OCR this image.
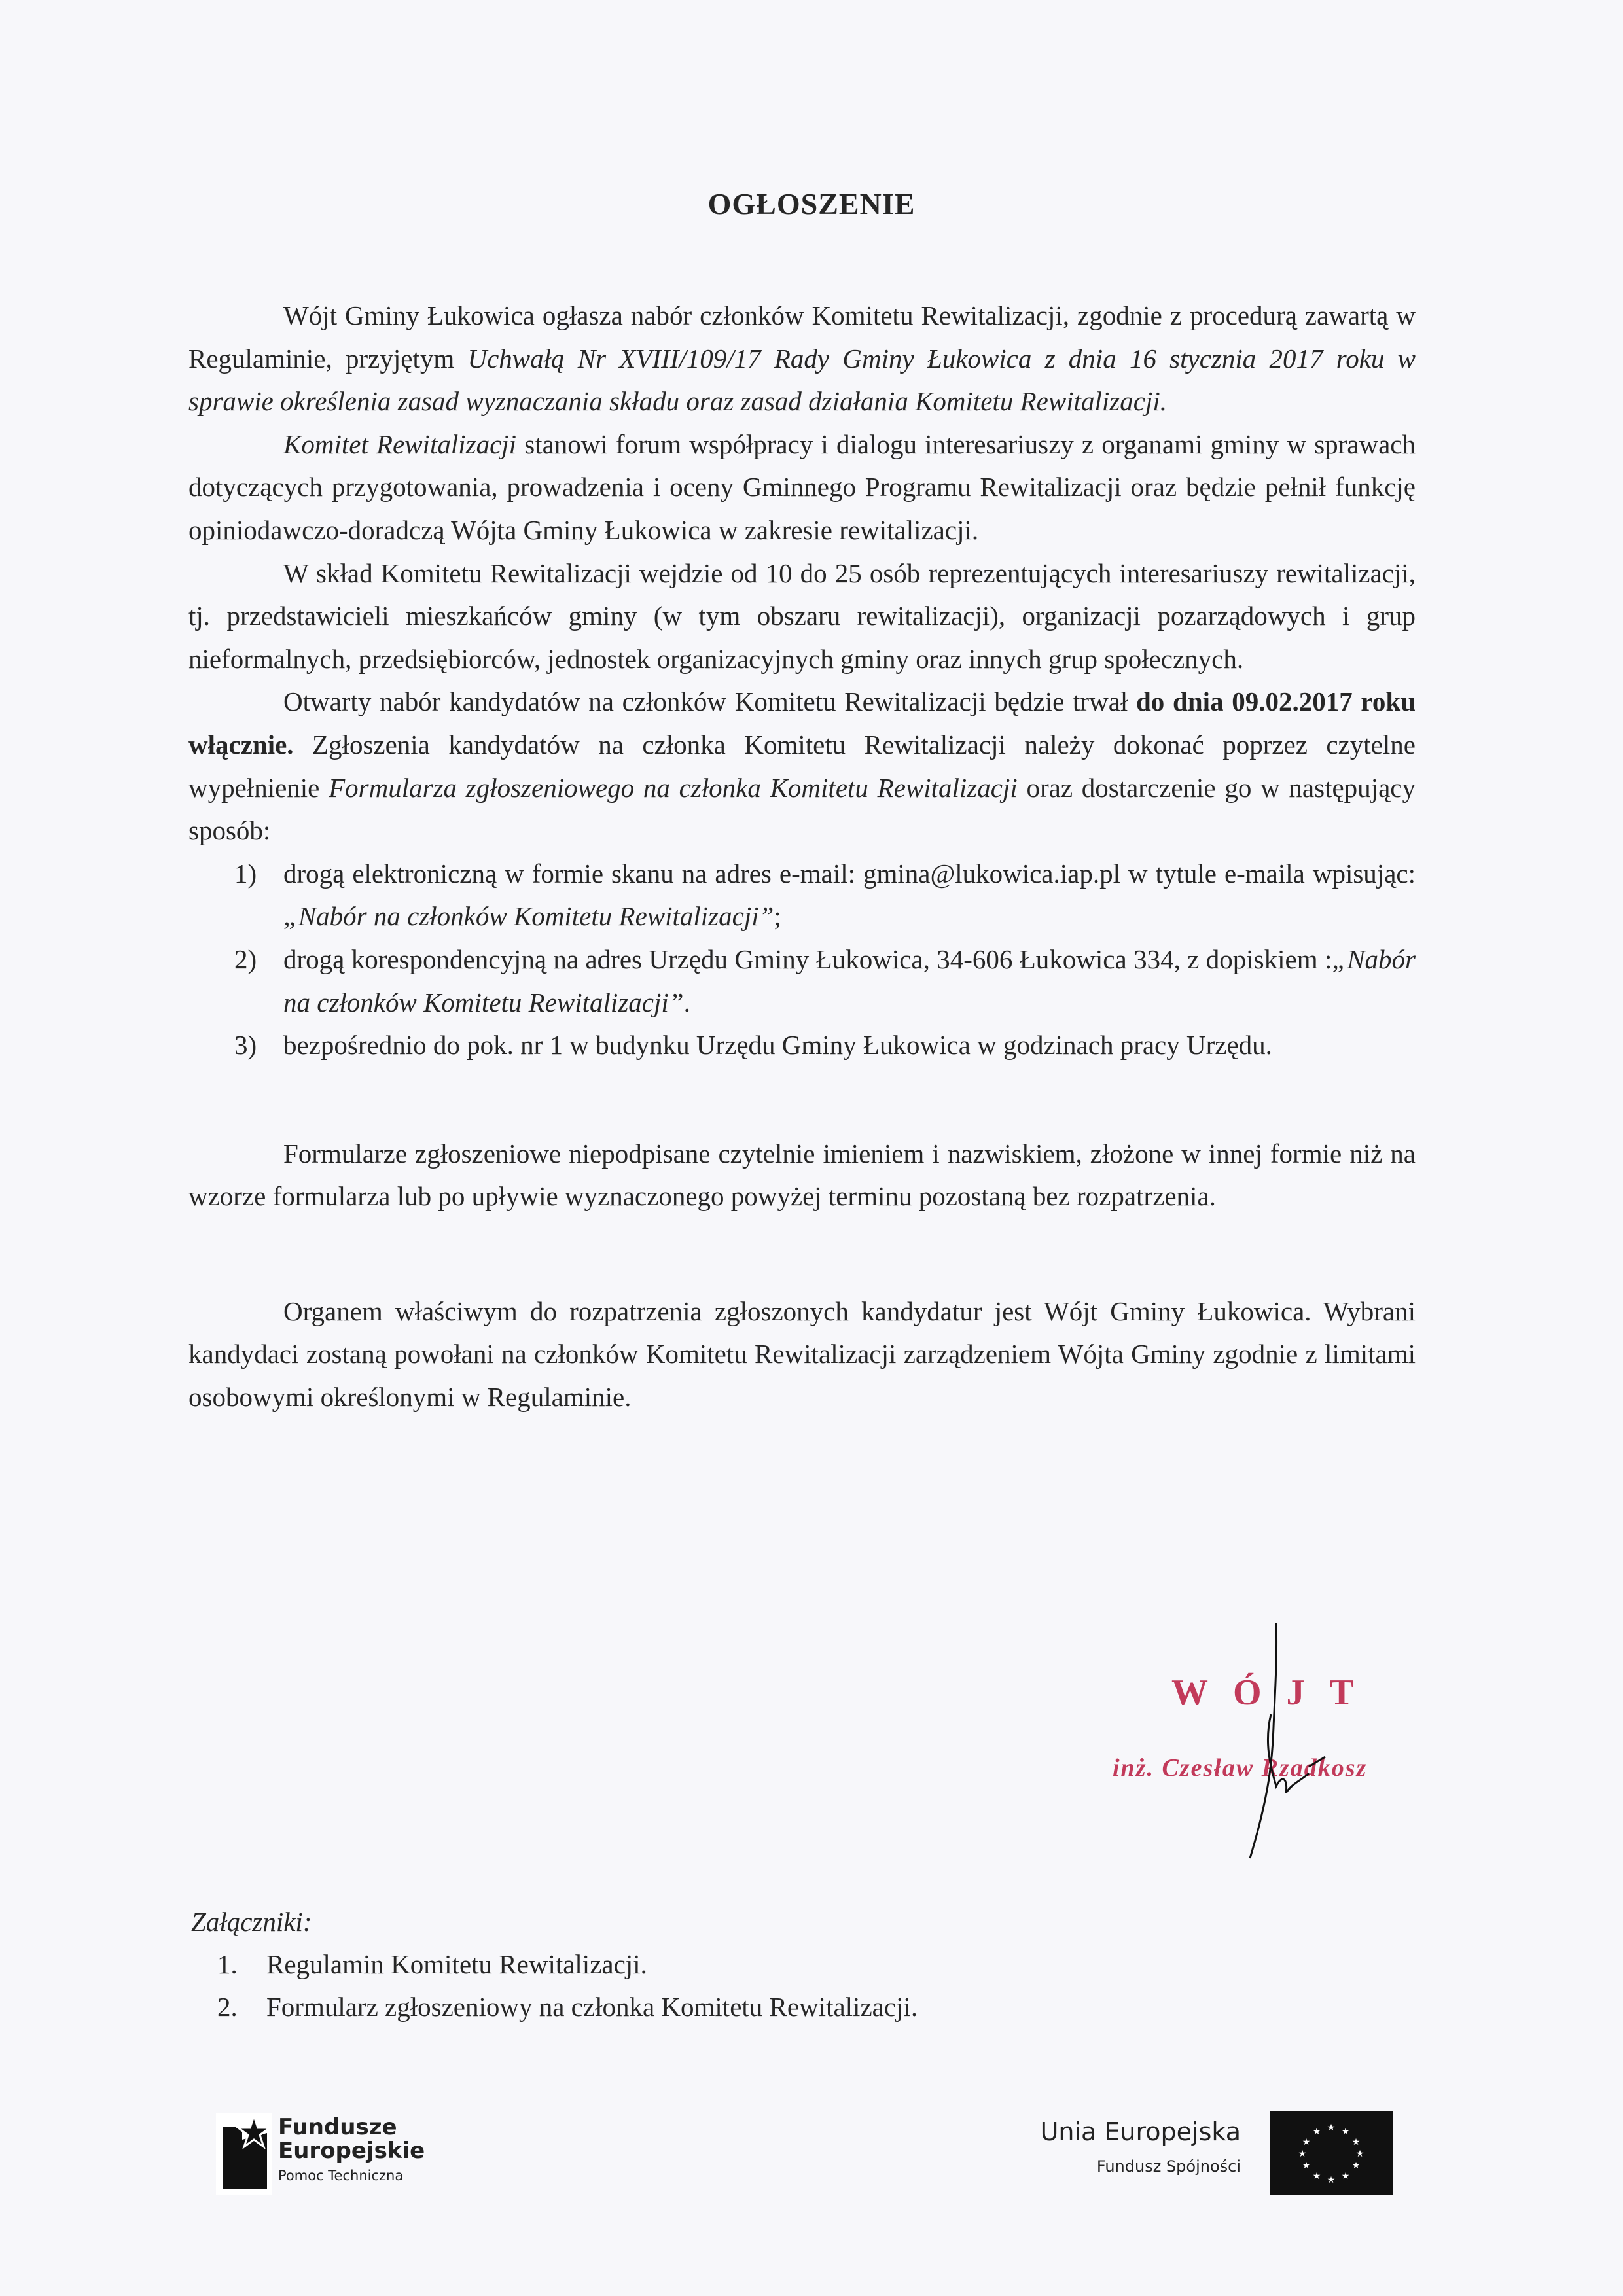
OGŁOSZENIE

Wójt Gminy Łukowica ogłasza nabór członków Komitetu Rewitalizacji, zgodnie z procedurą zawartą w Regulaminie, przyjętym Uchwałą Nr XVIII/109/17 Rady Gminy Łukowica z dnia 16 stycznia 2017 roku w sprawie określenia zasad wyznaczania składu oraz zasad działania Komitetu Rewitalizacji.

Komitet Rewitalizacji stanowi forum współpracy i dialogu interesariuszy z organami gminy w sprawach dotyczących przygotowania, prowadzenia i oceny Gminnego Programu Rewitalizacji oraz będzie pełnił funkcję opiniodawczo-doradczą Wójta Gminy Łukowica w zakresie rewitalizacji.

W skład Komitetu Rewitalizacji wejdzie od 10 do 25 osób reprezentujących interesariuszy rewitalizacji, tj. przedstawicieli mieszkańców gminy (w tym obszaru rewitalizacji), organizacji pozarządowych i grup nieformalnych, przedsiębiorców, jednostek organizacyjnych gminy oraz innych grup społecznych.

Otwarty nabór kandydatów na członków Komitetu Rewitalizacji będzie trwał do dnia 09.02.2017 roku włącznie. Zgłoszenia kandydatów na członka Komitetu Rewitalizacji należy dokonać poprzez czytelne wypełnienie Formularza zgłoszeniowego na członka Komitetu Rewitalizacji oraz dostarczenie go w następujący sposób:

1) drogą elektroniczną w formie skanu na adres e-mail: gmina@lukowica.iap.pl w tytule e-maila wpisując: „Nabór na członków Komitetu Rewitalizacji”;
2) drogą korespondencyjną na adres Urzędu Gminy Łukowica, 34-606 Łukowica 334, z dopiskiem :„Nabór na członków Komitetu Rewitalizacji”.
3) bezpośrednio do pok. nr 1 w budynku Urzędu Gminy Łukowica w godzinach pracy Urzędu.

Formularze zgłoszeniowe niepodpisane czytelnie imieniem i nazwiskiem, złożone w innej formie niż na wzorze formularza lub po upływie wyznaczonego powyżej terminu pozostaną bez rozpatrzenia.

Organem właściwym do rozpatrzenia zgłoszonych kandydatur jest Wójt Gminy Łukowica. Wybrani kandydaci zostaną powołani na członków Komitetu Rewitalizacji zarządzeniem Wójta Gminy zgodnie z limitami osobowymi określonymi w Regulaminie.

WÓJT
inż. Czesław Rzadkosz
Załączniki:
1. Regulamin Komitetu Rewitalizacji.
2. Formularz zgłoszeniowy na członka Komitetu Rewitalizacji.
Fundusze
Europejskie
Pomoc Techniczna
Unia Europejska
Fundusz Spójności
★ ★
★
★
★
★
★
★
★
★
★
★
